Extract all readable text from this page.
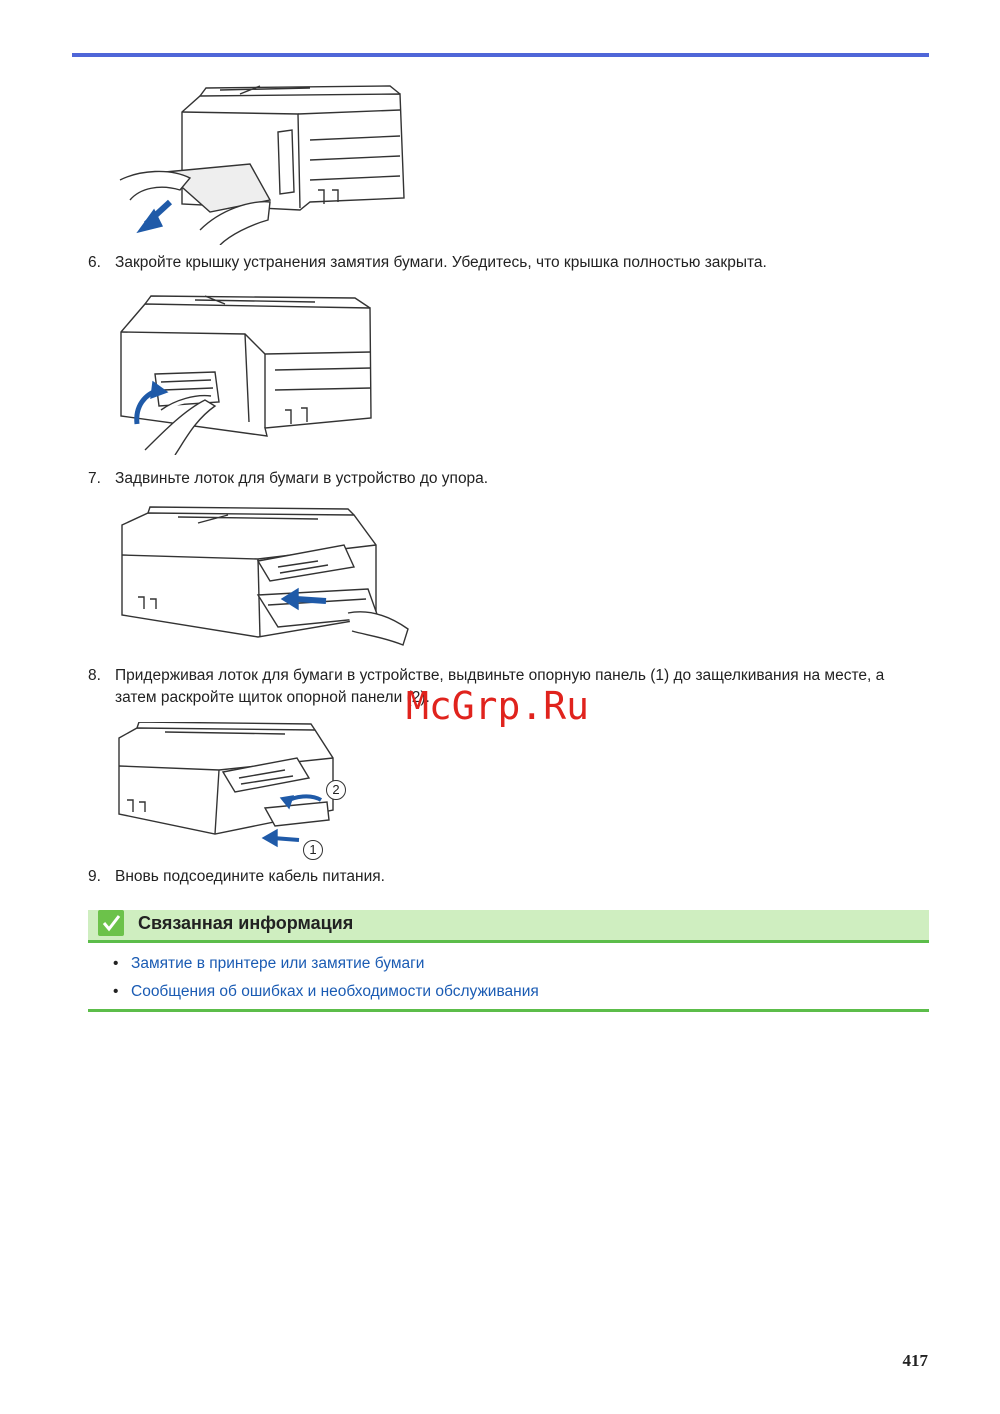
6. Закройте крышку устранения замятия бумаги. Убедитесь, что крышка полностью закрыта.
7. Задвиньте лоток для бумаги в устройство до упора.
8. Придерживая лоток для бумаги в устройстве, выдвиньте опорную панель (1) до защелкивания на месте, а затем раскройте щиток опорной панели (2).
McGrp.Ru
2
1
9. Вновь подсоедините кабель питания.
Связанная информация
• Замятие в принтере или замятие бумаги
• Сообщения об ошибках и необходимости обслуживания
417
